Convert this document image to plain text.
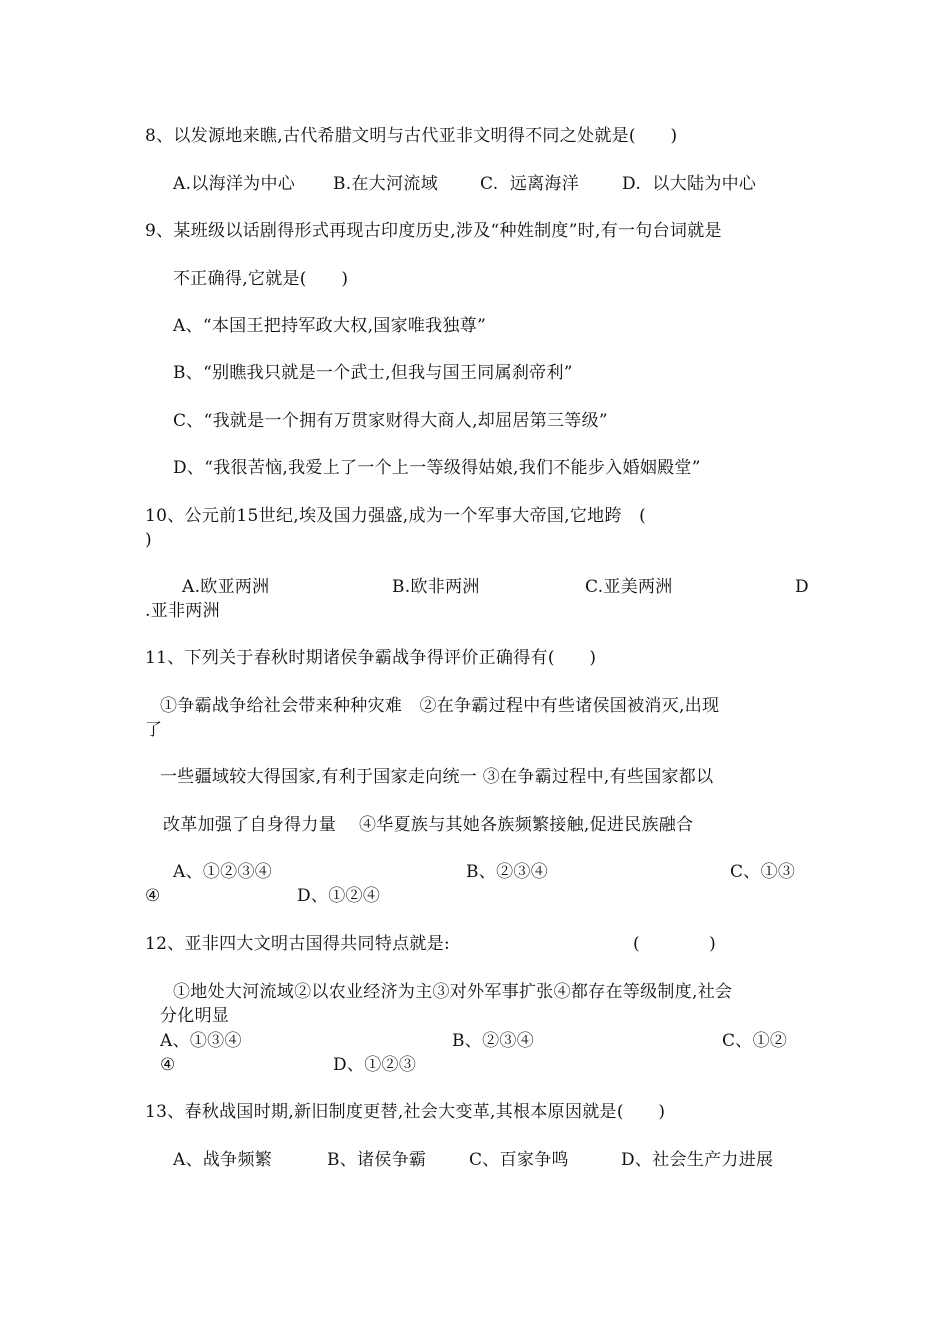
8、以发源地来瞧,古代希腊文明与古代亚非文明得不同之处就是(　　)
A.以海洋为中心 B.在大河流域 C.  远离海洋	D.  以大陆为中心
9、某班级以话剧得形式再现古印度历史,涉及“种姓制度”时,有一句台词就是
不正确得,它就是(　　)
A、“本国王把持军政大权,国家唯我独尊”
B、“别瞧我只就是一个武士,但我与国王同属刹帝利”
C、“我就是一个拥有万贯家财得大商人,却屈居第三等级”
D、“我很苦恼,我爱上了一个上一等级得姑娘,我们不能步入婚姻殿堂”
10、公元前15世纪,埃及国力强盛,成为一个军事大帝国,它地跨　(
)
A.欧亚两洲	B.欧非两洲	C.亚美两洲	D
.亚非两洲
11、下列关于春秋时期诸侯争霸战争得评价正确得有(　　)
①争霸战争给社会带来种种灾难　②在争霸过程中有些诸侯国被消灭,出现
了
一些疆域较大得国家,有利于国家走向统一 ③在争霸过程中,有些国家都以
改革加强了自身得力量　 ④华夏族与其她各族频繁接触,促进民族融合
A、①②③④	B、②③④	C、①③
④	D、①②④
12、亚非四大文明古国得共同特点就是:	(　　　　)
①地处大河流域②以农业经济为主③对外军事扩张④都存在等级制度,社会
分化明显
A、①③④	B、②③④	C、①②
④	D、①②③
13、春秋战国时期,新旧制度更替,社会大变革,其根本原因就是(　　)
A、战争频繁	B、诸侯争霸	C、百家争鸣	D、社会生产力进展
